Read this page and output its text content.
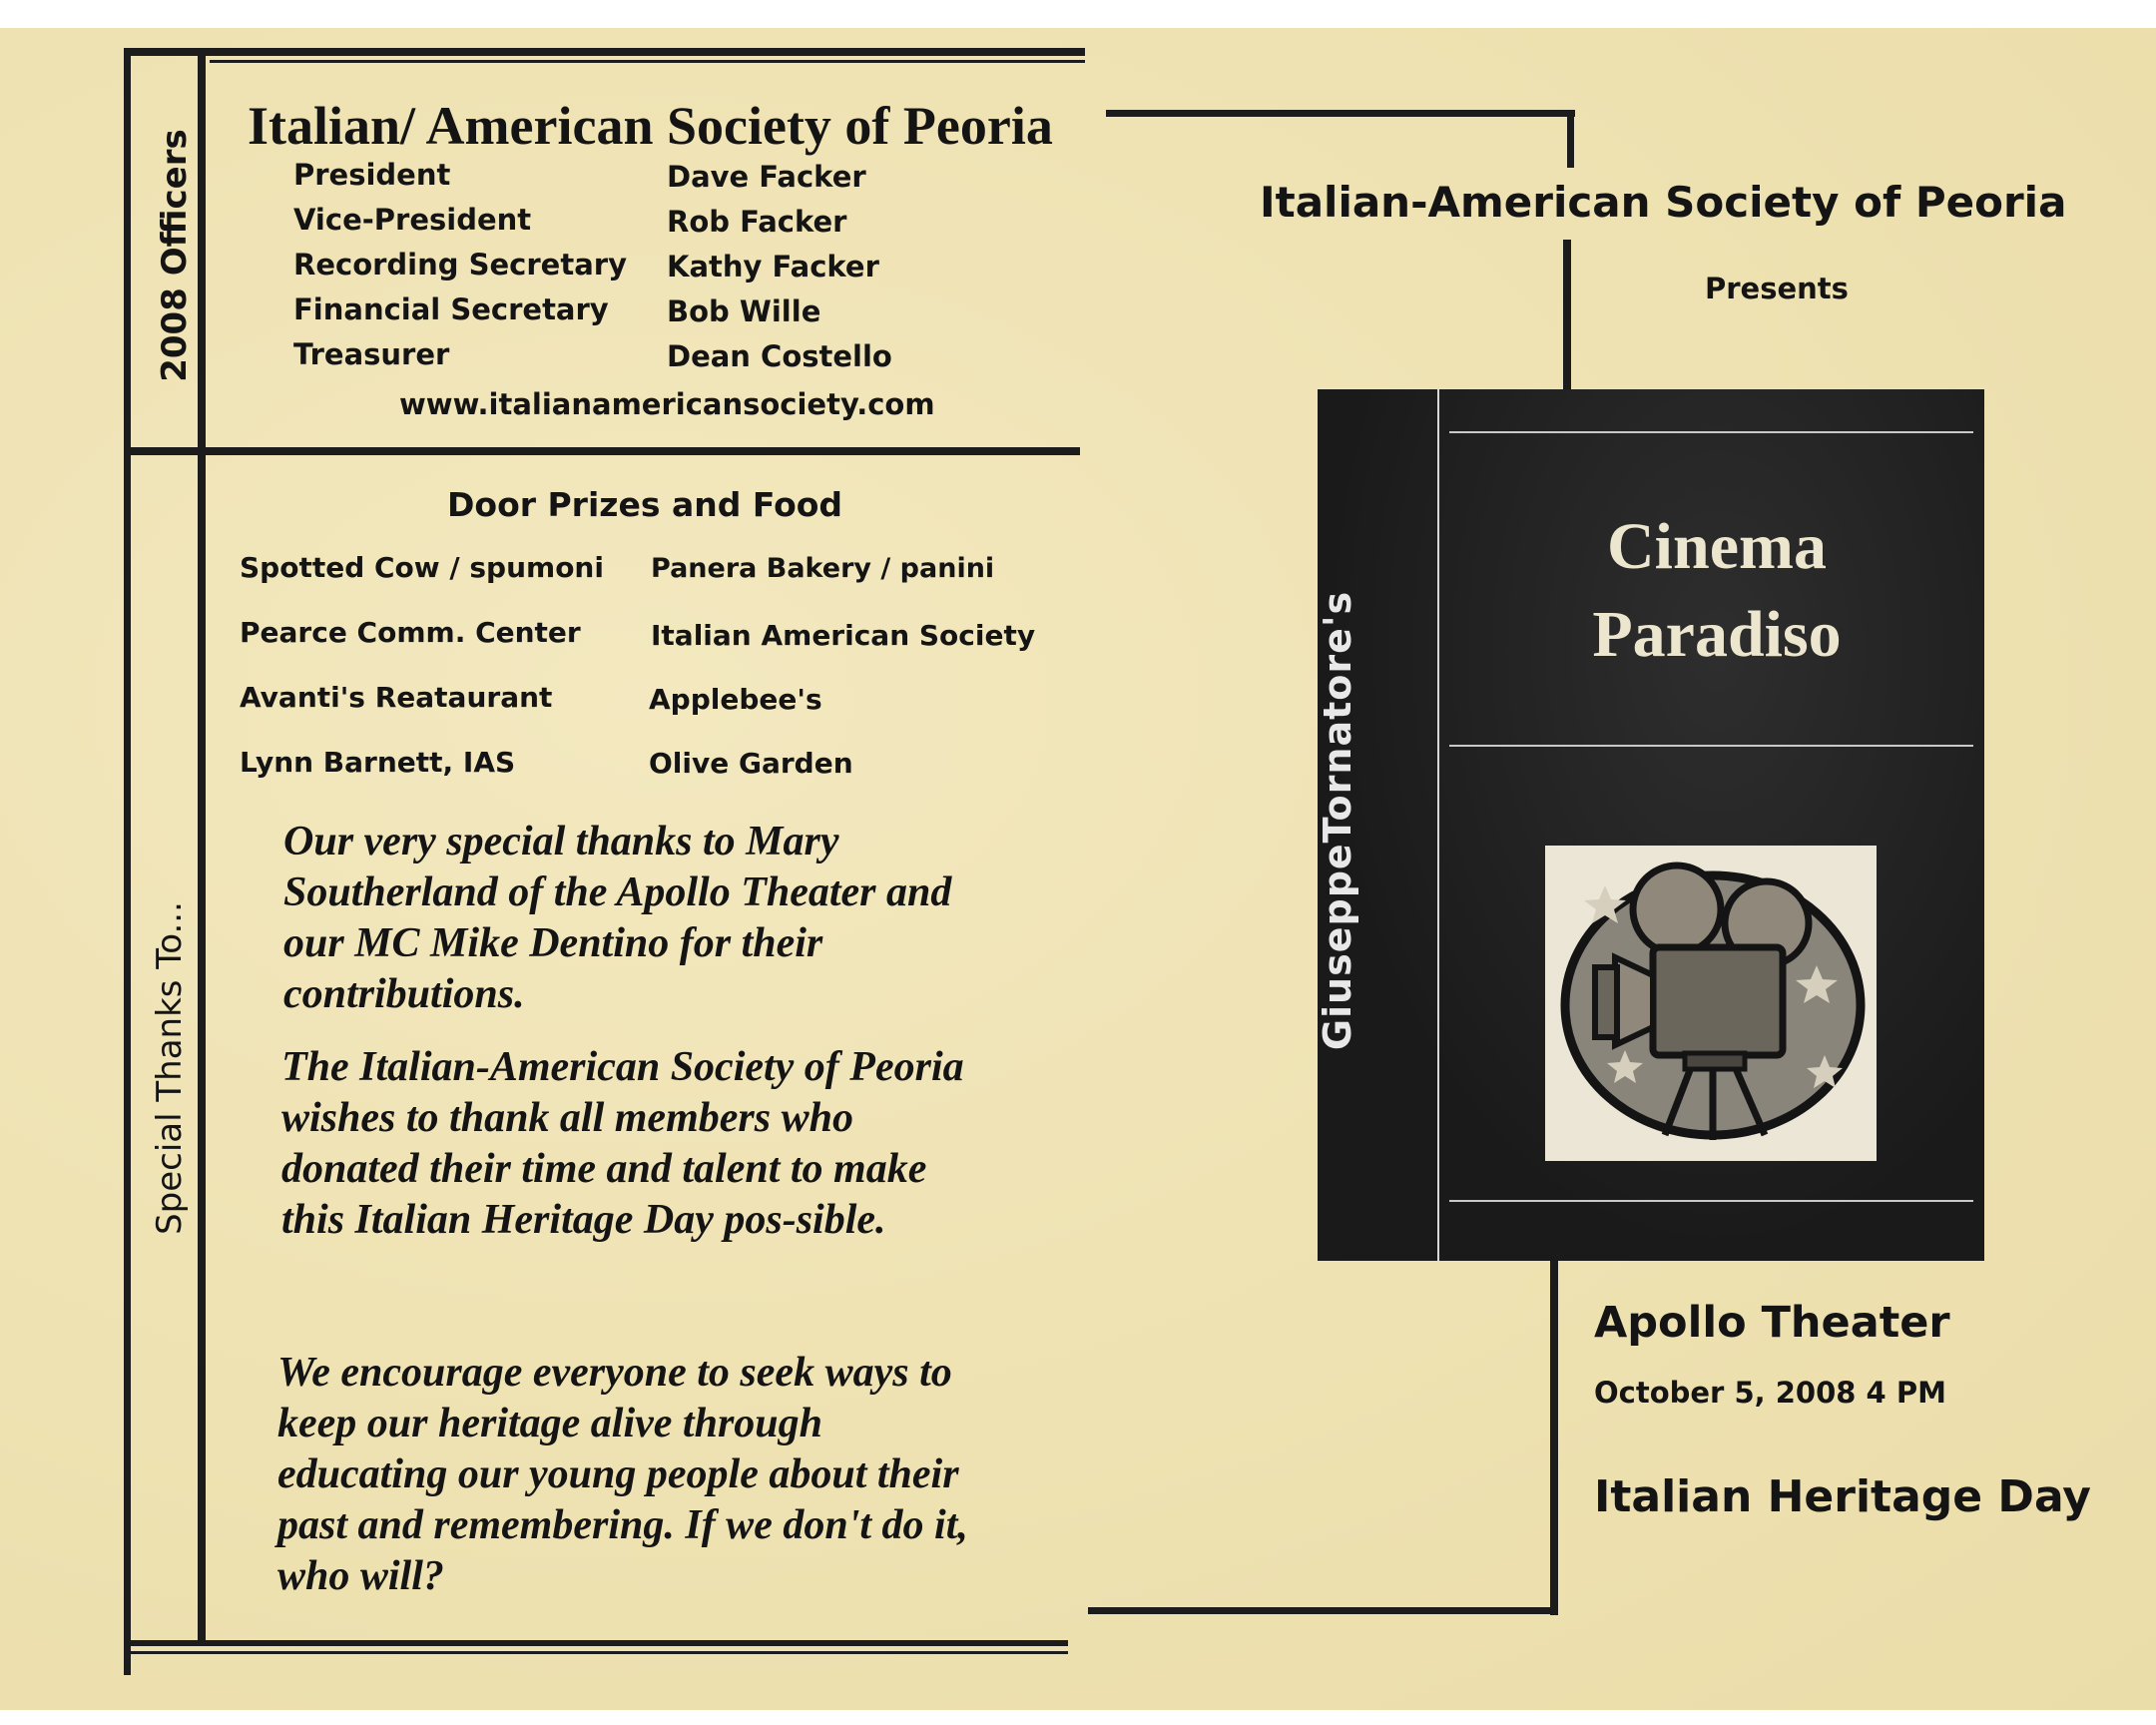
2008 Officers
Special Thanks To...
Italian/ American Society of Peoria
President	Dave Facker
Vice-President	Rob Facker
Recording Secretary Kathy Facker
Financial Secretary Bob Wille
Treasurer	Dean Costello
www.italianamericansociety.com
Door Prizes and Food
Spotted Cow / spumoni Panera Bakery / panini
Pearce Comm. Center	Italian American Society
Avanti's Reataurant	Applebee's
Lynn Barnett, IAS	Olive Garden
Our very special thanks to Mary Southerland of the Apollo Theater and our MC Mike Dentino for their contributions.
The Italian-American Society of Peoria wishes to thank all members who donated their time and talent to make this Italian Heritage Day pos-sible.
We encourage everyone to seek ways to keep our heritage alive through educating our young people about their past and remembering. If we don't do it, who will?
Italian-American Society of Peoria
Presents
Cinema
Paradiso
GiuseppeTornatore's
Apollo Theater
October 5, 2008 4 PM
Italian Heritage Day
